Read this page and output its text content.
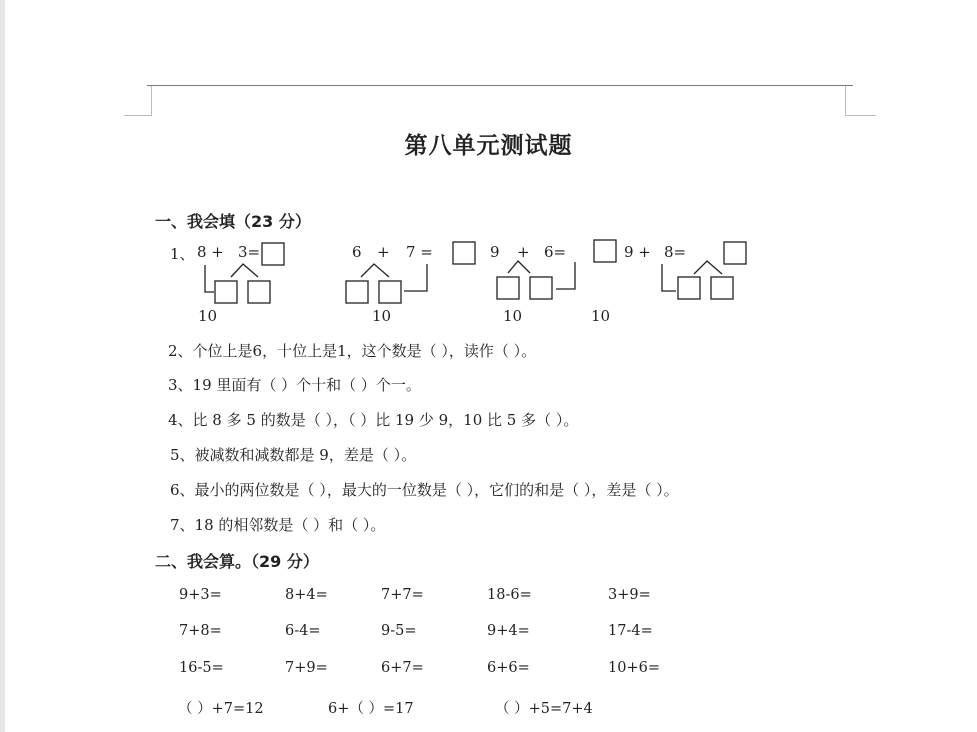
第八单元测试题
一、我会填（23 分）
1、 8 + 3=
10
6 + 7 =
10
9 + 6=
10
9 + 8=
10
2、个位上是6，十位上是1，这个数是（ ），读作（ ）。
3、19 里面有（ ）个十和（ ）个一。
4、比 8 多 5 的数是（ ），（ ）比 19 少 9，10 比 5 多（ ）。
5、被减数和减数都是 9，差是（ ）。
6、最小的两位数是（ ），最大的一位数是（ ），它们的和是（ ），差是（ ）。
7、18 的相邻数是（ ）和（ ）。
二、我会算。（29 分）
9+3=	8+4=	7+7=	18-6=	3+9=
7+8=	6-4=	9-5=	9+4=	17-4=
16-5=	7+9=	6+7=	6+6=	10+6=
（ ）+7=12	6+（ ）=17	（ ）+5=7+4
